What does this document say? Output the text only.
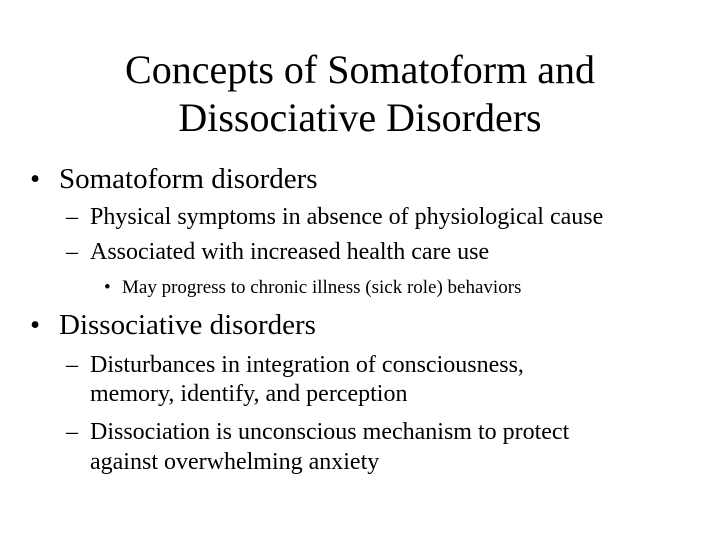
Concepts of Somatoform and
Dissociative Disorders
• Somatoform disorders
– Physical symptoms in absence of physiological cause
– Associated with increased health care use
• May progress to chronic illness (sick role) behaviors
• Dissociative disorders
– Disturbances in integration of consciousness,
memory, identify, and perception
– Dissociation is unconscious mechanism to protect
against overwhelming anxiety
